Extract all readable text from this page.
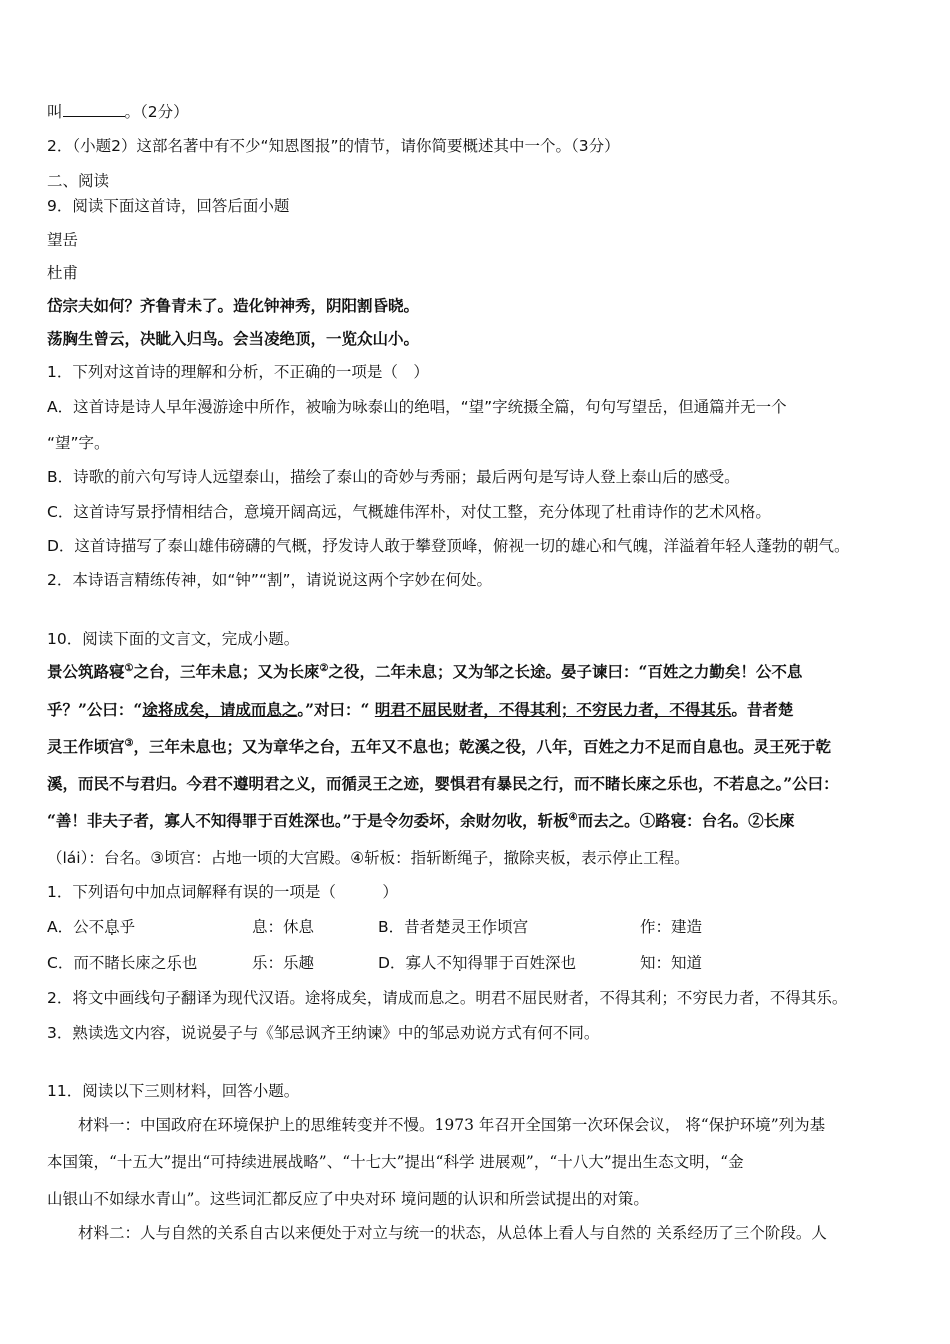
叫	。（2分）
2．（小题2）这部名著中有不少“知恩图报”的情节，请你简要概述其中一个。（3分）
二、阅读
9．阅读下面这首诗，回答后面小题
望岳
杜甫
岱宗夫如何？齐鲁青未了。造化钟神秀，阴阳割昏晓。
荡胸生曾云，决眦入归鸟。会当凌绝顶，一览众山小。
1．下列对这首诗的理解和分析，不正确的一项是（　）
A．这首诗是诗人早年漫游途中所作，被喻为咏泰山的绝唱，“望”字统摄全篇，句句写望岳，但通篇并无一个
“望”字。
B．诗歌的前六句写诗人远望泰山，描绘了泰山的奇妙与秀丽；最后两句是写诗人登上泰山后的感受。
C．这首诗写景抒情相结合，意境开阔高远，气概雄伟浑朴，对仗工整，充分体现了杜甫诗作的艺术风格。
D．这首诗描写了泰山雄伟磅礴的气概，抒发诗人敢于攀登顶峰，俯视一切的雄心和气魄，洋溢着年轻人蓬勃的朝气。
2．本诗语言精练传神，如“钟”“割”，请说说这两个字妙在何处。
10．阅读下面的文言文，完成小题。
景公筑路寝①之台，三年未息；又为长庲②之役，二年未息；又为邹之长途。晏子谏曰：“百姓之力勤矣！公不息
乎？”公曰：“途将成矣，请成而息之。”对曰：“ 明君不屈民财者，不得其利；不穷民力者，不得其乐。昔者楚
灵王作顷宫③，三年未息也；又为章华之台，五年又不息也；乾溪之役，八年，百姓之力不足而自息也。灵王死于乾
溪，而民不与君归。今君不遵明君之义，而循灵王之迹，婴惧君有暴民之行，而不睹长庲之乐也，不若息之。”公曰：
“善！非夫子者，寡人不知得罪于百姓深也。”于是令勿委坏，余财勿收，斩板④而去之。①路寝：台名。②长庲
（lái）：台名。③顷宫：占地一顷的大宫殿。④斩板：指斩断绳子，撤除夹板，表示停止工程。
1．下列语句中加点词解释有误的一项是（　　　）
A．公不息乎	息：休息	B．昔者楚灵王作顷宫	作：建造
C．而不睹长庲之乐也	乐：乐趣	D．寡人不知得罪于百姓深也	知：知道
2．将文中画线句子翻译为现代汉语。途将成矣，请成而息之。明君不屈民财者，不得其利；不穷民力者，不得其乐。
3．熟读选文内容，说说晏子与《邹忌讽齐王纳谏》中的邹忌劝说方式有何不同。
11．阅读以下三则材料，回答小题。
材料一：中国政府在环境保护上的思维转变并不慢。1973 年召开全国第一次环保会议， 将“保护环境”列为基
本国策，“十五大”提出“可持续进展战略”、“十七大”提出“科学 进展观”，“十八大”提出生态文明，“金
山银山不如绿水青山”。这些词汇都反应了中央对环 境问题的认识和所尝试提出的对策。
材料二：人与自然的关系自古以来便处于对立与统一的状态，从总体上看人与自然的 关系经历了三个阶段。人
